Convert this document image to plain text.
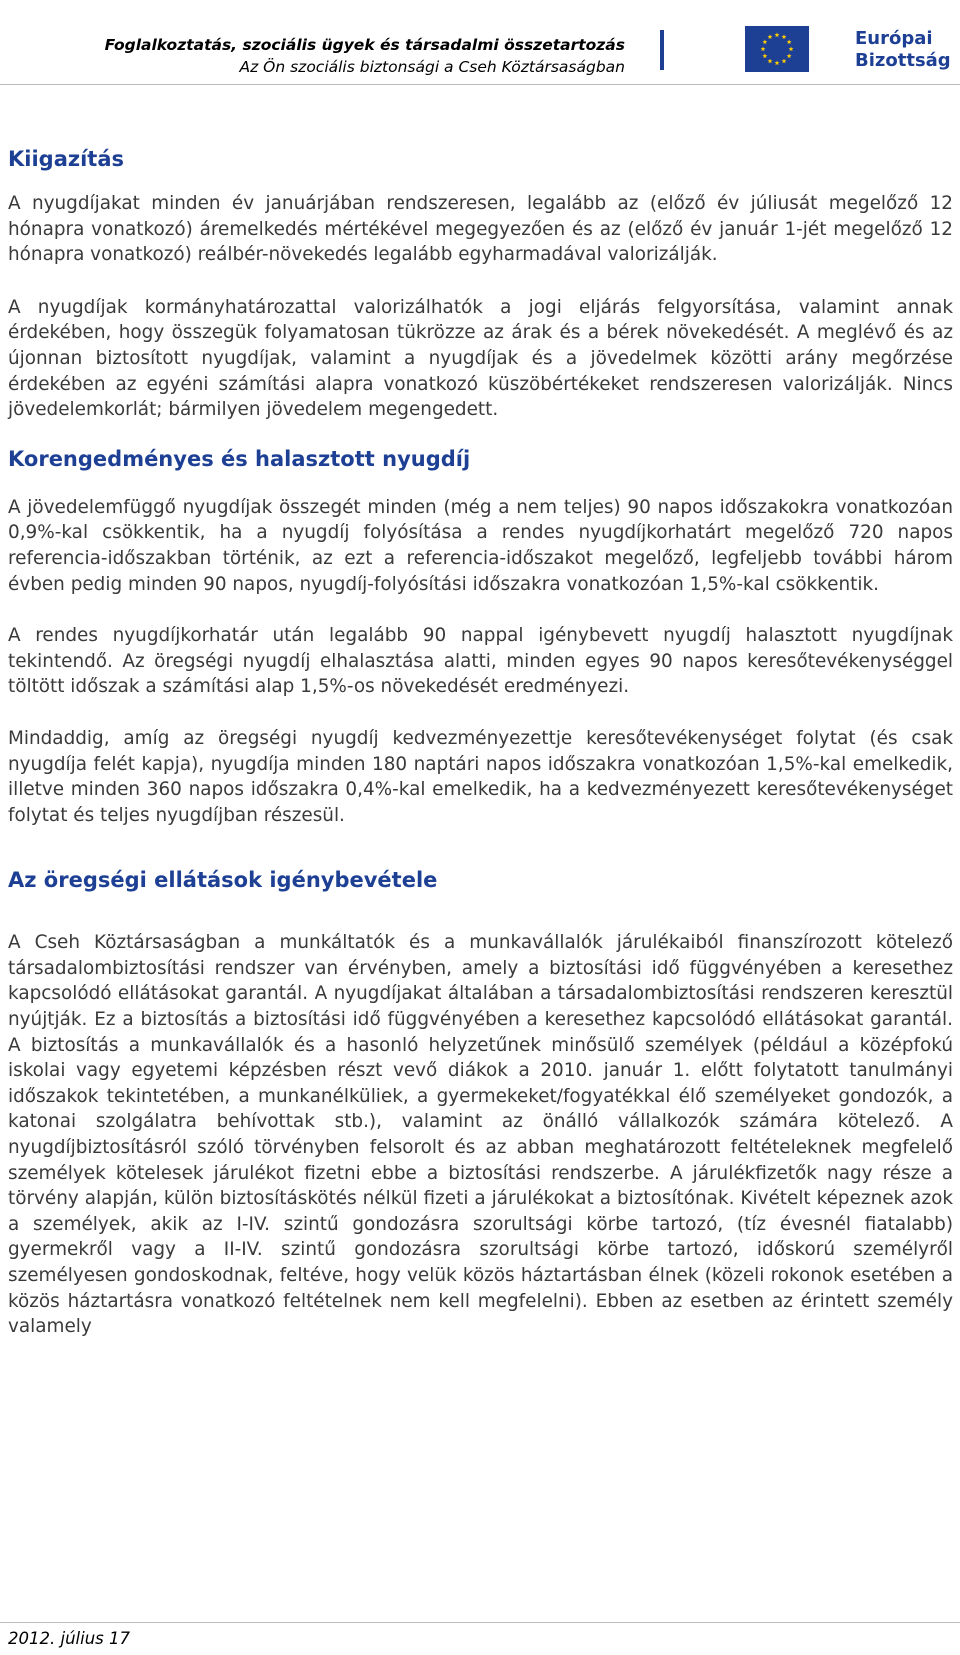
Foglalkoztatás, szociális ügyek és társadalmi összetartozás
Az Ön szociális biztonsági a Cseh Köztársaságban
Európai
Bizottság
Kiigazítás

A nyugdíjakat minden év januárjában rendszeresen, legalább az (előző év júliusát megelőző 12 hónapra vonatkozó) áremelkedés mértékével megegyezően és az (előző év január 1-jét megelőző 12 hónapra vonatkozó) reálbér-növekedés legalább egyharmadával valorizálják.

A nyugdíjak kormányhatározattal valorizálhatók a jogi eljárás felgyorsítása, valamint annak érdekében, hogy összegük folyamatosan tükrözze az árak és a bérek növekedését. A meglévő és az újonnan biztosított nyugdíjak, valamint a nyugdíjak és a jövedelmek közötti arány megőrzése érdekében az egyéni számítási alapra vonatkozó küszöbértékeket rendszeresen valorizálják. Nincs jövedelemkorlát; bármilyen jövedelem megengedett.

Korengedményes és halasztott nyugdíj

A jövedelemfüggő nyugdíjak összegét minden (még a nem teljes) 90 napos időszakokra vonatkozóan 0,9%-kal csökkentik, ha a nyugdíj folyósítása a rendes nyugdíjkorhatárt megelőző 720 napos referencia-időszakban történik, az ezt a referencia-időszakot megelőző, legfeljebb további három évben pedig minden 90 napos, nyugdíj-folyósítási időszakra vonatkozóan 1,5%-kal csökkentik.

A rendes nyugdíjkorhatár után legalább 90 nappal igénybevett nyugdíj halasztott nyugdíjnak tekintendő. Az öregségi nyugdíj elhalasztása alatti, minden egyes 90 napos keresőtevékenységgel töltött időszak a számítási alap 1,5%-os növekedését eredményezi.

Mindaddig, amíg az öregségi nyugdíj kedvezményezettje keresőtevékenységet folytat (és csak nyugdíja felét kapja), nyugdíja minden 180 naptári napos időszakra vonatkozóan 1,5%-kal emelkedik, illetve minden 360 napos időszakra 0,4%-kal emelkedik, ha a kedvezményezett keresőtevékenységet folytat és teljes nyugdíjban részesül.

Az öregségi ellátások igénybevétele

A Cseh Köztársaságban a munkáltatók és a munkavállalók járulékaiból finanszírozott kötelező társadalombiztosítási rendszer van érvényben, amely a biztosítási idő függvényében a keresethez kapcsolódó ellátásokat garantál. A nyugdíjakat általában a társadalombiztosítási rendszeren keresztül nyújtják. Ez a biztosítás a biztosítási idő függvényében a keresethez kapcsolódó ellátásokat garantál. A biztosítás a munkavállalók és a hasonló helyzetűnek minősülő személyek (például a középfokú iskolai vagy egyetemi képzésben részt vevő diákok a 2010. január 1. előtt folytatott tanulmányi időszakok tekintetében, a munkanélküliek, a gyermekeket/fogyatékkal élő személyeket gondozók, a katonai szolgálatra behívottak stb.), valamint az önálló vállalkozók számára kötelező. A nyugdíjbiztosításról szóló törvényben felsorolt és az abban meghatározott feltételeknek megfelelő személyek kötelesek járulékot fizetni ebbe a biztosítási rendszerbe. A járulékfizetők nagy része a törvény alapján, külön biztosításkötés nélkül fizeti a járulékokat a biztosítónak. Kivételt képeznek azok a személyek, akik az I-IV. szintű gondozásra szorultsági körbe tartozó, (tíz évesnél fiatalabb) gyermekről vagy a II-IV. szintű gondozásra szorultsági körbe tartozó, időskorú személyről személyesen gondoskodnak, feltéve, hogy velük közös háztartásban élnek (közeli rokonok esetében a közös háztartásra vonatkozó feltételnek nem kell megfelelni). Ebben az esetben az érintett személy valamely

2012. július 17
